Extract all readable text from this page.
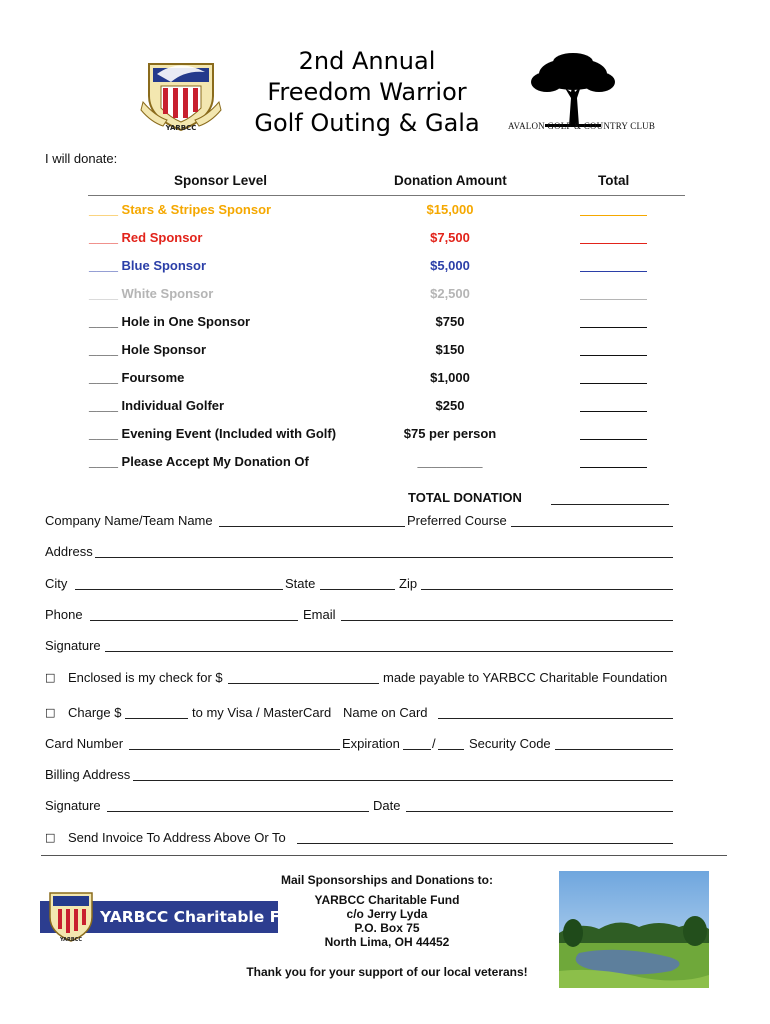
YARBCC
2nd Annual
Freedom Warrior
Golf Outing & Gala	AVALON GOLF & COUNTRY CLUB
I will donate:
Sponsor Level	Donation Amount	Total
____ Stars & Stripes Sponsor	$15,000
____ Red Sponsor	$7,500
____ Blue Sponsor	$5,000
____ White Sponsor	$2,500
____ Hole in One Sponsor	$750
____ Hole Sponsor	$150
____ Foursome	$1,000
____ Individual Golfer	$250
____ Evening Event (Included with Golf)	$75 per person
____ Please Accept My Donation Of	_________
TOTAL DONATION
Company Name/Team Name	Preferred Course
Address
City	State	Zip
Phone	Email
Signature
□ Enclosed is my check for $	made payable to YARBCC Charitable Foundation
□ Charge $	to my Visa / MasterCard Name on Card
Card Number	Expiration /	Security Code
Billing Address
Signature	Date
□ Send Invoice To Address Above Or To
YARBCC
YARBCC Charitable Fund
Mail Sponsorships and Donations to:
YARBCC Charitable Fund
c/o Jerry Lyda
P.O. Box 75
North Lima, OH 44452
Thank you for your support of our local veterans!
